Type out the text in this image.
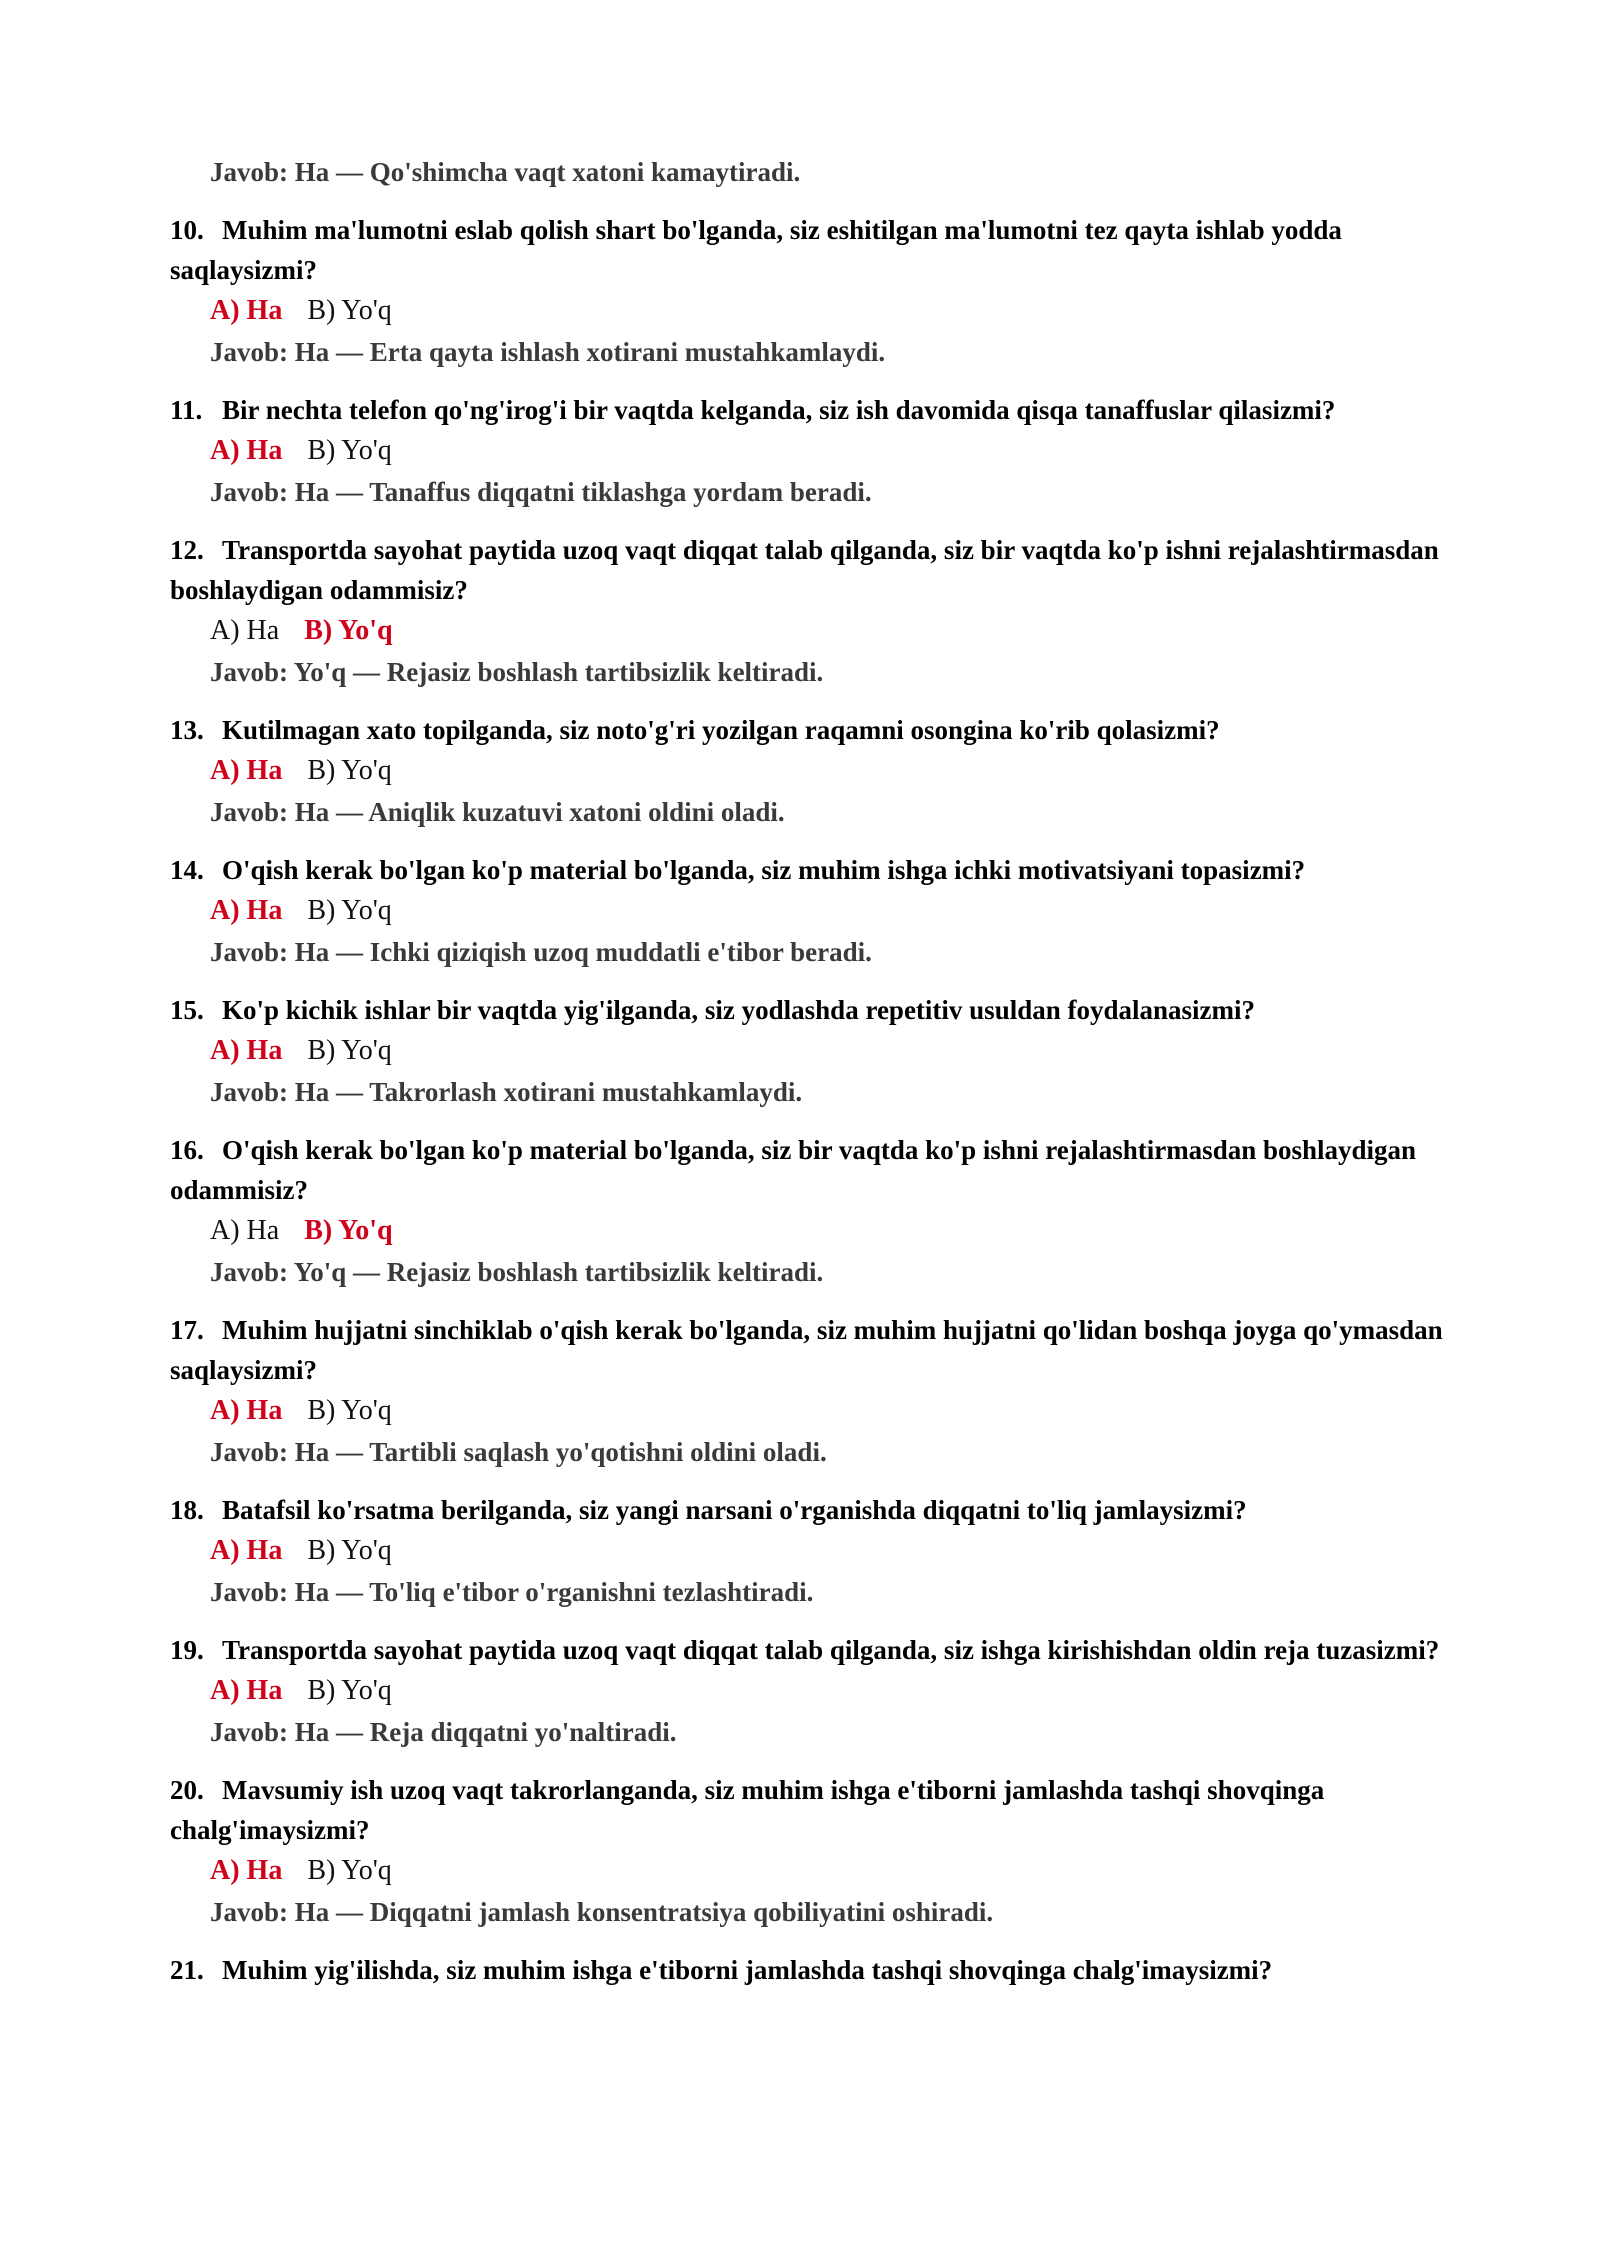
Javob: Ha — Qo'shimcha vaqt xatoni kamaytiradi.
10. Muhim ma'lumotni eslab qolish shart bo'lganda, siz eshitilgan ma'lumotni tez qayta ishlab yodda saqlaysizmi?
A) Ha B) Yo'q
Javob: Ha — Erta qayta ishlash xotirani mustahkamlaydi.
11. Bir nechta telefon qo'ng'irog'i bir vaqtda kelganda, siz ish davomida qisqa tanaffuslar qilasizmi?
A) Ha B) Yo'q
Javob: Ha — Tanaffus diqqatni tiklashga yordam beradi.
12. Transportda sayohat paytida uzoq vaqt diqqat talab qilganda, siz bir vaqtda ko'p ishni rejalashtirmasdan boshlaydigan odammisiz?
A) Ha B) Yo'q
Javob: Yo'q — Rejasiz boshlash tartibsizlik keltiradi.
13. Kutilmagan xato topilganda, siz noto'g'ri yozilgan raqamni osongina ko'rib qolasizmi?
A) Ha B) Yo'q
Javob: Ha — Aniqlik kuzatuvi xatoni oldini oladi.
14. O'qish kerak bo'lgan ko'p material bo'lganda, siz muhim ishga ichki motivatsiyani topasizmi?
A) Ha B) Yo'q
Javob: Ha — Ichki qiziqish uzoq muddatli e'tibor beradi.
15. Ko'p kichik ishlar bir vaqtda yig'ilganda, siz yodlashda repetitiv usuldan foydalanasizmi?
A) Ha B) Yo'q
Javob: Ha — Takrorlash xotirani mustahkamlaydi.
16. O'qish kerak bo'lgan ko'p material bo'lganda, siz bir vaqtda ko'p ishni rejalashtirmasdan boshlaydigan odammisiz?
A) Ha B) Yo'q
Javob: Yo'q — Rejasiz boshlash tartibsizlik keltiradi.
17. Muhim hujjatni sinchiklab o'qish kerak bo'lganda, siz muhim hujjatni qo'lidan boshqa joyga qo'ymasdan saqlaysizmi?
A) Ha B) Yo'q
Javob: Ha — Tartibli saqlash yo'qotishni oldini oladi.
18. Batafsil ko'rsatma berilganda, siz yangi narsani o'rganishda diqqatni to'liq jamlaysizmi?
A) Ha B) Yo'q
Javob: Ha — To'liq e'tibor o'rganishni tezlashtiradi.
19. Transportda sayohat paytida uzoq vaqt diqqat talab qilganda, siz ishga kirishishdan oldin reja tuzasizmi?
A) Ha B) Yo'q
Javob: Ha — Reja diqqatni yo'naltiradi.
20. Mavsumiy ish uzoq vaqt takrorlanganda, siz muhim ishga e'tiborni jamlashda tashqi shovqinga chalg'imaysizmi?
A) Ha B) Yo'q
Javob: Ha — Diqqatni jamlash konsentratsiya qobiliyatini oshiradi.
21. Muhim yig'ilishda, siz muhim ishga e'tiborni jamlashda tashqi shovqinga chalg'imaysizmi?
